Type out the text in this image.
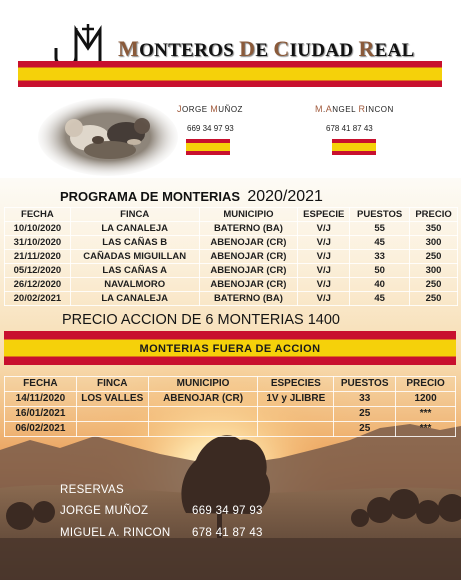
MONTEROS DE CIUDAD REAL
JORGE MUÑOZ
669 34 97 93
M.ANGEL RINCON
678 41 87 43
PROGRAMA DE MONTERIAS 2020/2021
FECHA	FINCA	MUNICIPIO	ESPECIE	PUESTOS	PRECIO
10/10/2020	LA CANALEJA	BATERNO (BA)	V/J	55	350
31/10/2020	LAS CAÑAS B	ABENOJAR (CR)	V/J	45	300
21/11/2020	CAÑADAS MIGUILLAN	ABENOJAR (CR)	V/J	33	250
05/12/2020	LAS CAÑAS A	ABENOJAR (CR)	V/J	50	300
26/12/2020	NAVALMORO	ABENOJAR (CR)	V/J	40	250
20/02/2021	LA CANALEJA	BATERNO (BA)	V/J	45	250
PRECIO ACCION DE 6 MONTERIAS 1400
MONTERIAS FUERA DE ACCION
FECHA	FINCA	MUNICIPIO	ESPECIES	PUESTOS	PRECIO
14/11/2020	LOS VALLES	ABENOJAR (CR)	1V y JLIBRE	33	1200
16/01/2021				25	***
06/02/2021				25	***
RESERVAS
JORGE MUÑOZ	669 34 97 93
MIGUEL A. RINCON 678 41 87 43
